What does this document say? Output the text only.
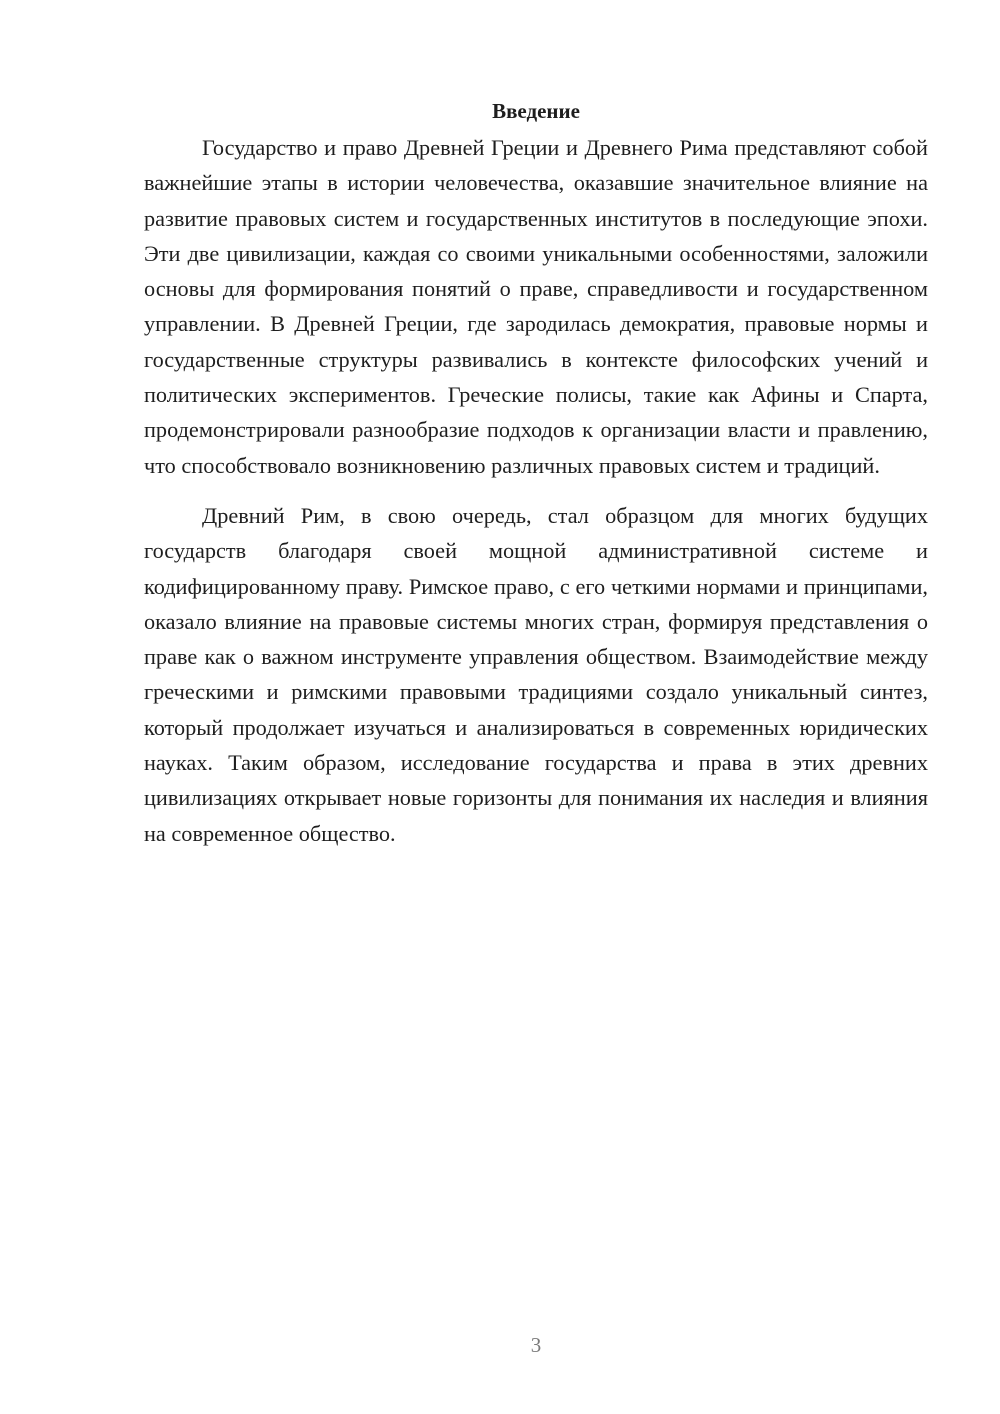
Введение

Государство и право Древней Греции и Древнего Рима представляют собой важнейшие этапы в истории человечества, оказавшие значительное влияние на развитие правовых систем и государственных институтов в последующие эпохи. Эти две цивилизации, каждая со своими уникальными особенностями, заложили основы для формирования понятий о праве, справедливости и государственном управлении. В Древней Греции, где зародилась демократия, правовые нормы и государственные структуры развивались в контексте философских учений и политических экспериментов. Греческие полисы, такие как Афины и Спарта, продемонстрировали разнообразие подходов к организации власти и правлению, что способствовало возникновению различных правовых систем и традиций.

Древний Рим, в свою очередь, стал образцом для многих будущих государств благодаря своей мощной административной системе и кодифицированному праву. Римское право, с его четкими нормами и принципами, оказало влияние на правовые системы многих стран, формируя представления о праве как о важном инструменте управления обществом. Взаимодействие между греческими и римскими правовыми традициями создало уникальный синтез, который продолжает изучаться и анализироваться в современных юридических науках. Таким образом, исследование государства и права в этих древних цивилизациях открывает новые горизонты для понимания их наследия и влияния на современное общество.

3
